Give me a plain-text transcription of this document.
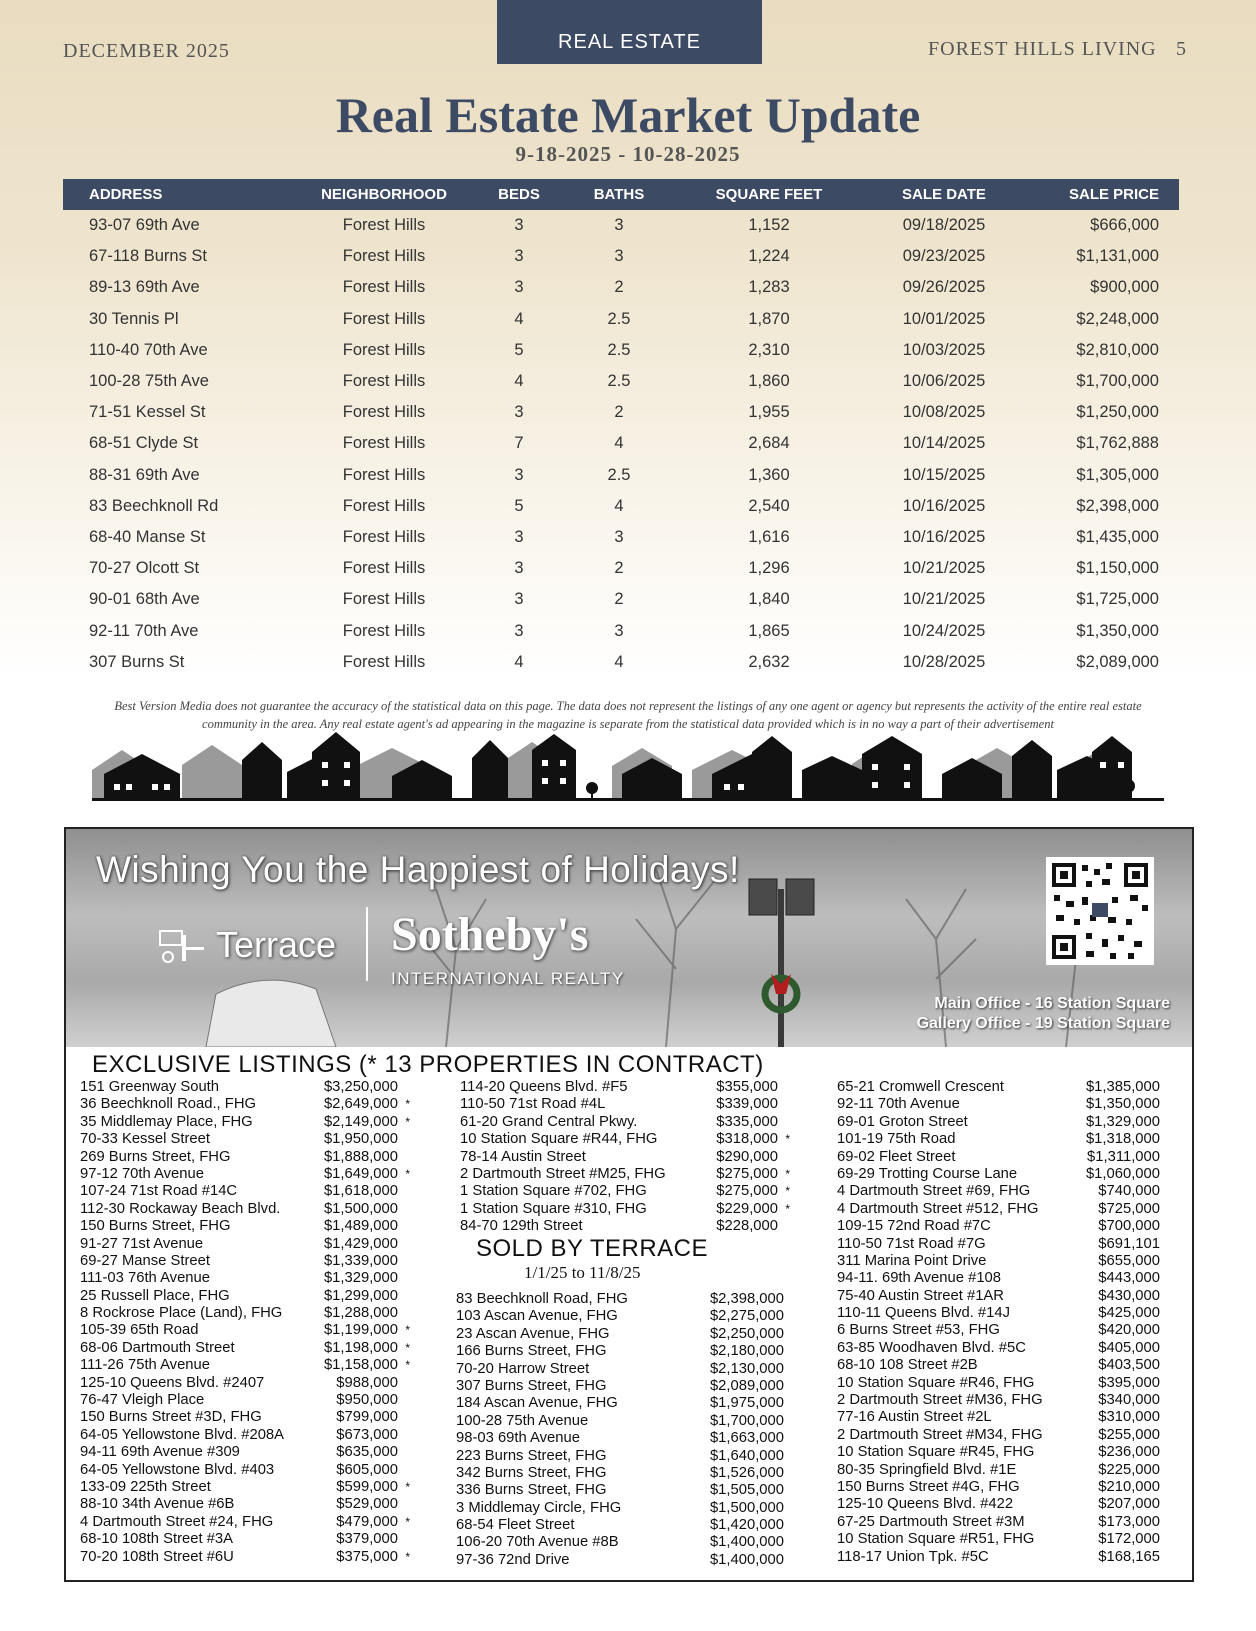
DECEMBER 2025	REAL ESTATE	FOREST HILLS LIVING 5
Real Estate Market Update
9-18-2025 - 10-28-2025
ADDRESS	NEIGHBORHOOD	BEDS	BATHS	SQUARE FEET	SALE DATE	SALE PRICE
93-07 69th Ave	Forest Hills	3	3	1,152	09/18/2025	$666,000
67-118 Burns St	Forest Hills	3	3	1,224	09/23/2025	$1,131,000
89-13 69th Ave	Forest Hills	3	2	1,283	09/26/2025	$900,000
30 Tennis Pl	Forest Hills	4	2.5	1,870	10/01/2025	$2,248,000
110-40 70th Ave	Forest Hills	5	2.5	2,310	10/03/2025	$2,810,000
100-28 75th Ave	Forest Hills	4	2.5	1,860	10/06/2025	$1,700,000
71-51 Kessel St	Forest Hills	3	2	1,955	10/08/2025	$1,250,000
68-51 Clyde St	Forest Hills	7	4	2,684	10/14/2025	$1,762,888
88-31 69th Ave	Forest Hills	3	2.5	1,360	10/15/2025	$1,305,000
83 Beechknoll Rd	Forest Hills	5	4	2,540	10/16/2025	$2,398,000
68-40 Manse St	Forest Hills	3	3	1,616	10/16/2025	$1,435,000
70-27 Olcott St	Forest Hills	3	2	1,296	10/21/2025	$1,150,000
90-01 68th Ave	Forest Hills	3	2	1,840	10/21/2025	$1,725,000
92-11 70th Ave	Forest Hills	3	3	1,865	10/24/2025	$1,350,000
307 Burns St	Forest Hills	4	4	2,632	10/28/2025	$2,089,000
Best Version Media does not guarantee the accuracy of the statistical data on this page. The data does not represent the listings of any one agent or agency but represents the activity of the entire real estate community in the area. Any real estate agent's ad appearing in the magazine is separate from the statistical data provided which is in no way a part of their advertisement
Wishing You the Happiest of Holidays!
Terrace Sotheby's
INTERNATIONAL REALTY
Main Office - 16 Station Square
Gallery Office - 19 Station Square
EXCLUSIVE LISTINGS (* 13 PROPERTIES IN CONTRACT)
151 Greenway South	$3,250,000
36 Beechknoll Road., FHG	$2,649,000 *
35 Middlemay Place, FHG	$2,149,000 *
70-33 Kessel Street	$1,950,000
269 Burns Street, FHG	$1,888,000
97-12 70th Avenue	$1,649,000 *
107-24 71st Road #14C	$1,618,000
112-30 Rockaway Beach Blvd.	$1,500,000
150 Burns Street, FHG	$1,489,000
91-27 71st Avenue	$1,429,000
69-27 Manse Street	$1,339,000
111-03 76th Avenue	$1,329,000
25 Russell Place, FHG	$1,299,000
8 Rockrose Place (Land), FHG	$1,288,000
105-39 65th Road	$1,199,000 *
68-06 Dartmouth Street	$1,198,000 *
111-26 75th Avenue	$1,158,000 *
125-10 Queens Blvd. #2407	$988,000
76-47 Vleigh Place	$950,000
150 Burns Street #3D, FHG	$799,000
64-05 Yellowstone Blvd. #208A	$673,000
94-11 69th Avenue #309	$635,000
64-05 Yellowstone Blvd. #403	$605,000
133-09 225th Street	$599,000 *
88-10 34th Avenue #6B	$529,000
4 Dartmouth Street #24, FHG	$479,000 *
68-10 108th Street #3A	$379,000
70-20 108th Street #6U	$375,000 *
114-20 Queens Blvd. #F5	$355,000
110-50 71st Road #4L	$339,000
61-20 Grand Central Pkwy.	$335,000
10 Station Square #R44, FHG	$318,000 *
78-14 Austin Street	$290,000
2 Dartmouth Street #M25, FHG	$275,000 *
1 Station Square #702, FHG	$275,000 *
1 Station Square #310, FHG	$229,000 *
84-70 129th Street	$228,000
SOLD BY TERRACE
1/1/25 to 11/8/25
83 Beechknoll Road, FHG	$2,398,000
103 Ascan Avenue, FHG	$2,275,000
23 Ascan Avenue, FHG	$2,250,000
166 Burns Street, FHG	$2,180,000
70-20 Harrow Street	$2,130,000
307 Burns Street, FHG	$2,089,000
184 Ascan Avenue, FHG	$1,975,000
100-28 75th Avenue	$1,700,000
98-03 69th Avenue	$1,663,000
223 Burns Street, FHG	$1,640,000
342 Burns Street, FHG	$1,526,000
336 Burns Street, FHG	$1,505,000
3 Middlemay Circle, FHG	$1,500,000
68-54 Fleet Street	$1,420,000
106-20 70th Avenue #8B	$1,400,000
97-36 72nd Drive	$1,400,000
65-21 Cromwell Crescent	$1,385,000
92-11 70th Avenue	$1,350,000
69-01 Groton Street	$1,329,000
101-19 75th Road	$1,318,000
69-02 Fleet Street	$1,311,000
69-29 Trotting Course Lane	$1,060,000
4 Dartmouth Street #69, FHG	$740,000
4 Dartmouth Street #512, FHG	$725,000
109-15 72nd Road #7C	$700,000
110-50 71st Road #7G	$691,101
311 Marina Point Drive	$655,000
94-11. 69th Avenue #108	$443,000
75-40 Austin Street #1AR	$430,000
110-11 Queens Blvd. #14J	$425,000
6 Burns Street #53, FHG	$420,000
63-85 Woodhaven Blvd. #5C	$405,000
68-10 108 Street #2B	$403,500
10 Station Square #R46, FHG	$395,000
2 Dartmouth Street #M36, FHG	$340,000
77-16 Austin Street #2L	$310,000
2 Dartmouth Street #M34, FHG	$255,000
10 Station Square #R45, FHG	$236,000
80-35 Springfield Blvd. #1E	$225,000
150 Burns Street #4G, FHG	$210,000
125-10 Queens Blvd. #422	$207,000
67-25 Dartmouth Street #3M	$173,000
10 Station Square #R51, FHG	$172,000
118-17 Union Tpk. #5C	$168,165
